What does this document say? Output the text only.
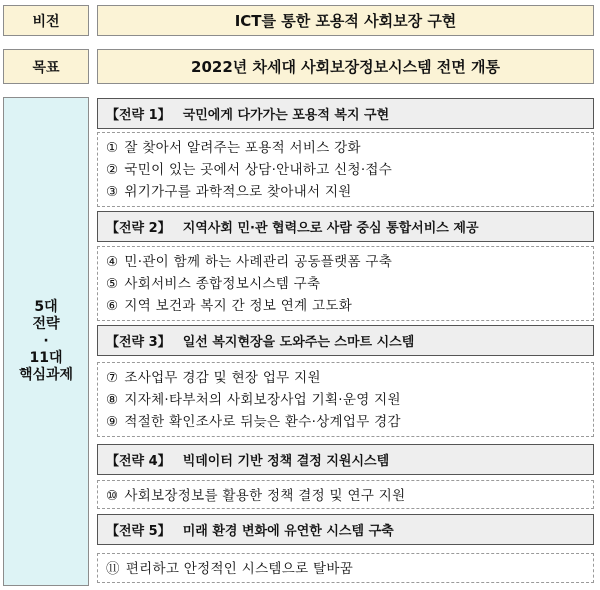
비전	ICT를 통한 포용적 사회보장 구현
목표	2022년 차세대 사회보장정보시스템 전면 개통
5대
전략
·
11대
핵심과제
【전략 1】 국민에게 다가가는 포용적 복지 구현
① 잘 찾아서 알려주는 포용적 서비스 강화
② 국민이 있는 곳에서 상담·안내하고 신청·접수
③ 위기가구를 과학적으로 찾아내서 지원
【전략 2】 지역사회 민·관 협력으로 사람 중심 통합서비스 제공
④ 민·관이 함께 하는 사례관리 공동플랫폼 구축
⑤ 사회서비스 종합정보시스템 구축
⑥ 지역 보건과 복지 간 정보 연계 고도화
【전략 3】 일선 복지현장을 도와주는 스마트 시스템
⑦ 조사업무 경감 및 현장 업무 지원
⑧ 지자체·타부처의 사회보장사업 기획·운영 지원
⑨ 적절한 확인조사로 뒤늦은 환수·상계업무 경감
【전략 4】 빅데이터 기반 정책 결정 지원시스템
⑩ 사회보장정보를 활용한 정책 결정 및 연구 지원
【전략 5】 미래 환경 변화에 유연한 시스템 구축
⑪ 편리하고 안정적인 시스템으로 탈바꿈
